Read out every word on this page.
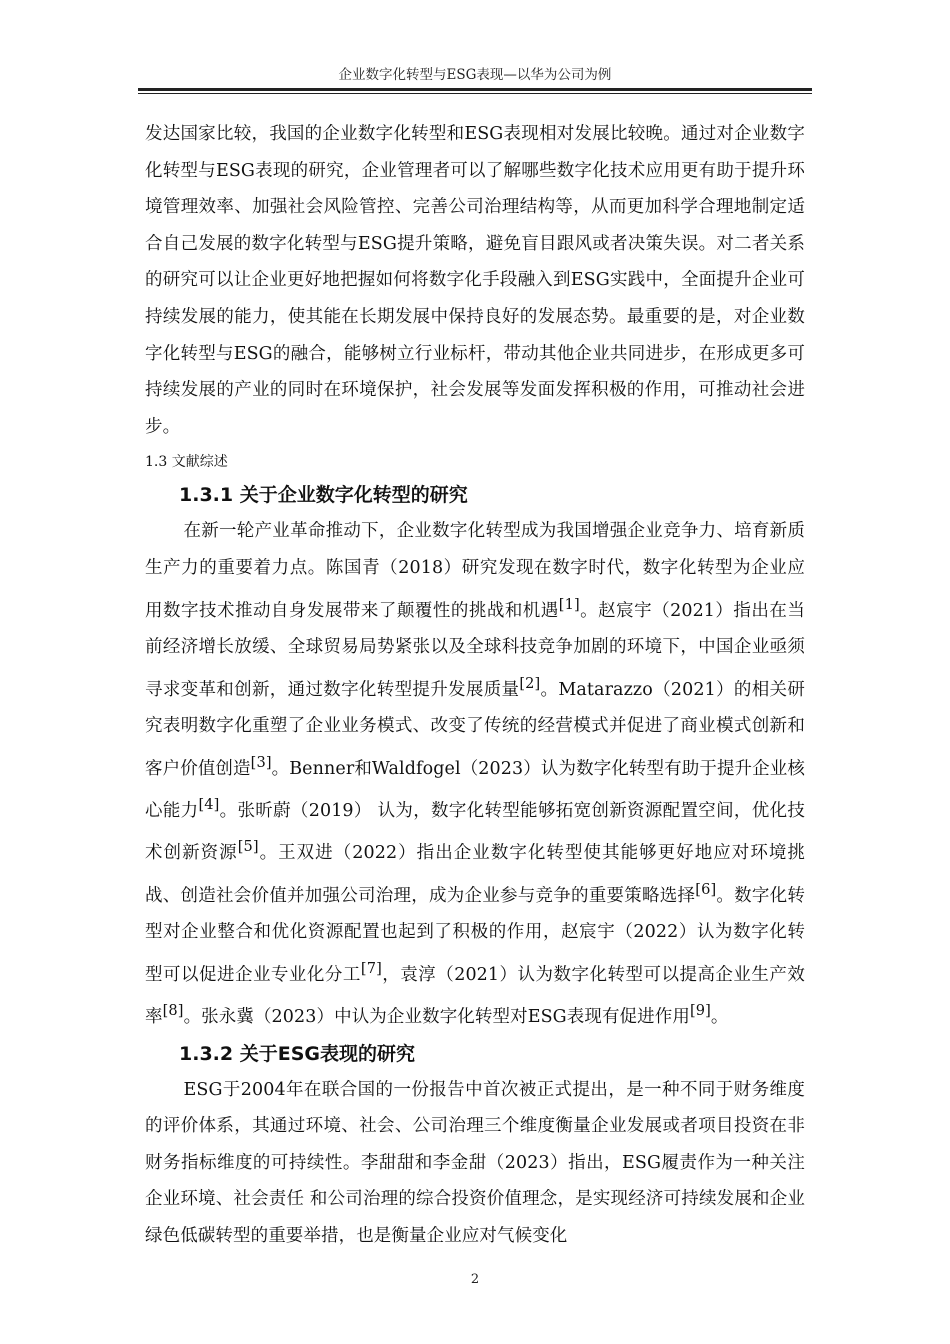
企业数字化转型与ESG表现—以华为公司为例

发达国家比较，我国的企业数字化转型和ESG表现相对发展比较晚。通过对企业数字化转型与ESG表现的研究，企业管理者可以了解哪些数字化技术应用更有助于提升环境管理效率、加强社会风险管控、完善公司治理结构等，从而更加科学合理地制定适合自己发展的数字化转型与ESG提升策略，避免盲目跟风或者决策失误。对二者关系的研究可以让企业更好地把握如何将数字化手段融入到ESG实践中，全面提升企业可持续发展的能力，使其能在长期发展中保持良好的发展态势。最重要的是，对企业数字化转型与ESG的融合，能够树立行业标杆，带动其他企业共同进步，在形成更多可持续发展的产业的同时在环境保护，社会发展等发面发挥积极的作用，可推动社会进步。

1.3 文献综述

1.3.1 关于企业数字化转型的研究

在新一轮产业革命推动下，企业数字化转型成为我国增强企业竞争力、培育新质生产力的重要着力点。陈国青（2018）研究发现在数字时代，数字化转型为企业应用数字技术推动自身发展带来了颠覆性的挑战和机遇[1]。赵宸宇（2021）指出在当前经济增长放缓、全球贸易局势紧张以及全球科技竞争加剧的环境下，中国企业亟须寻求变革和创新，通过数字化转型提升发展质量[2]。Matarazzo（2021）的相关研究表明数字化重塑了企业业务模式、改变了传统的经营模式并促进了商业模式创新和客户价值创造[3]。Benner和Waldfogel（2023）认为数字化转型有助于提升企业核心能力[4]。张昕蔚（2019） 认为，数字化转型能够拓宽创新资源配置空间，优化技术创新资源[5]。王双进（2022）指出企业数字化转型使其能够更好地应对环境挑战、创造社会价值并加强公司治理，成为企业参与竞争的重要策略选择[6]。数字化转型对企业整合和优化资源配置也起到了积极的作用，赵宸宇（2022）认为数字化转型可以促进企业专业化分工[7]，袁淳（2021）认为数字化转型可以提高企业生产效率[8]。张永冀（2023）中认为企业数字化转型对ESG表现有促进作用[9]。

1.3.2 关于ESG表现的研究

ESG于2004年在联合国的一份报告中首次被正式提出，是一种不同于财务维度的评价体系，其通过环境、社会、公司治理三个维度衡量企业发展或者项目投资在非财务指标维度的可持续性。李甜甜和李金甜（2023）指出，ESG履责作为一种关注企业环境、社会责任 和公司治理的综合投资价值理念，是实现经济可持续发展和企业绿色低碳转型的重要举措，也是衡量企业应对气候变化

2
